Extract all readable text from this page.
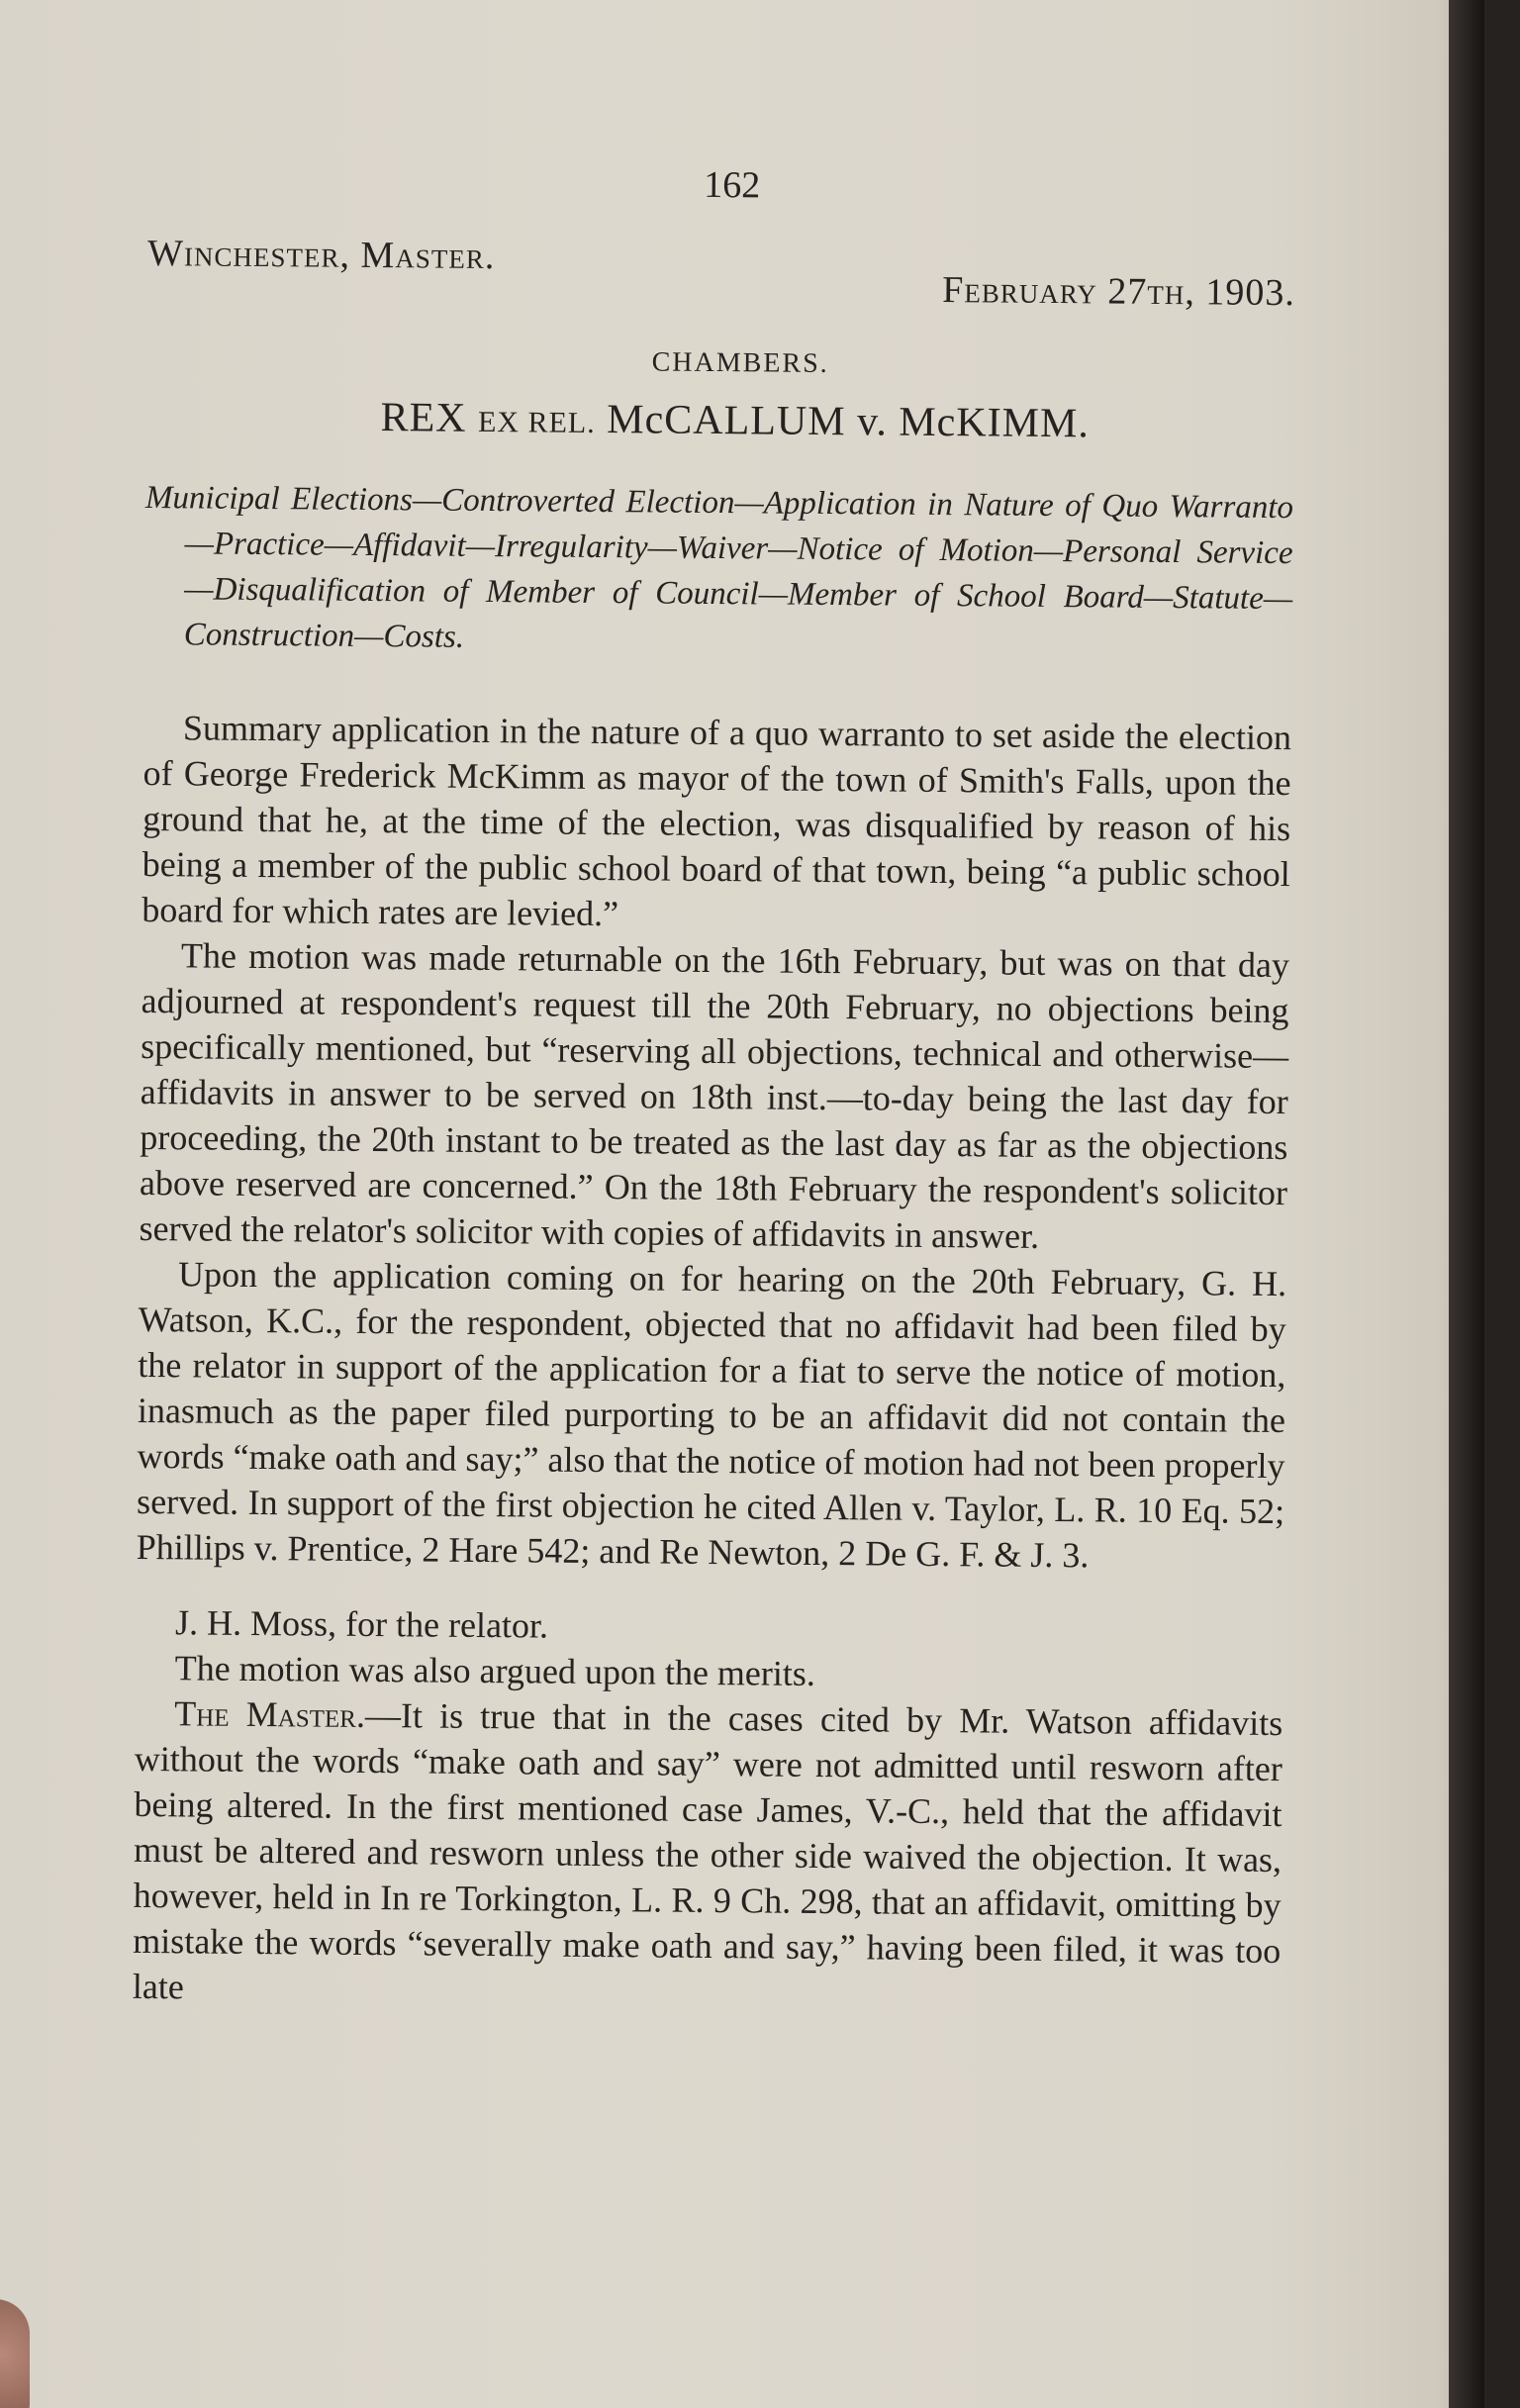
162
Winchester, Master.
February 27th, 1903.
CHAMBERS.
REX EX REL. McCALLUM v. McKIMM.
Municipal Elections—Controverted Election—Application in Nature of Quo Warranto—Practice—Affidavit—Irregularity—Waiver—Notice of Motion—Personal Service—Disqualification of Member of Council—Member of School Board—Statute—Construction—Costs.

Summary application in the nature of a quo warranto to set aside the election of George Frederick McKimm as mayor of the town of Smith's Falls, upon the ground that he, at the time of the election, was disqualified by reason of his being a member of the public school board of that town, being “a public school board for which rates are levied.”

The motion was made returnable on the 16th February, but was on that day adjourned at respondent's request till the 20th February, no objections being specifically mentioned, but “reserving all objections, technical and otherwise—affidavits in answer to be served on 18th inst.—to-day being the last day for proceeding, the 20th instant to be treated as the last day as far as the objections above reserved are concerned.” On the 18th February the respondent's solicitor served the relator's solicitor with copies of affidavits in answer.

Upon the application coming on for hearing on the 20th February, G. H. Watson, K.C., for the respondent, objected that no affidavit had been filed by the relator in support of the application for a fiat to serve the notice of motion, inasmuch as the paper filed purporting to be an affidavit did not contain the words “make oath and say;” also that the notice of motion had not been properly served. In support of the first objection he cited Allen v. Taylor, L. R. 10 Eq. 52; Phillips v. Prentice, 2 Hare 542; and Re Newton, 2 De G. F. & J. 3.

J. H. Moss, for the relator.

The motion was also argued upon the merits.

The Master.—It is true that in the cases cited by Mr. Watson affidavits without the words “make oath and say” were not admitted until resworn after being altered. In the first mentioned case James, V.-C., held that the affidavit must be altered and resworn unless the other side waived the objection. It was, however, held in In re Torkington, L. R. 9 Ch. 298, that an affidavit, omitting by mistake the words “severally make oath and say,” having been filed, it was too late
